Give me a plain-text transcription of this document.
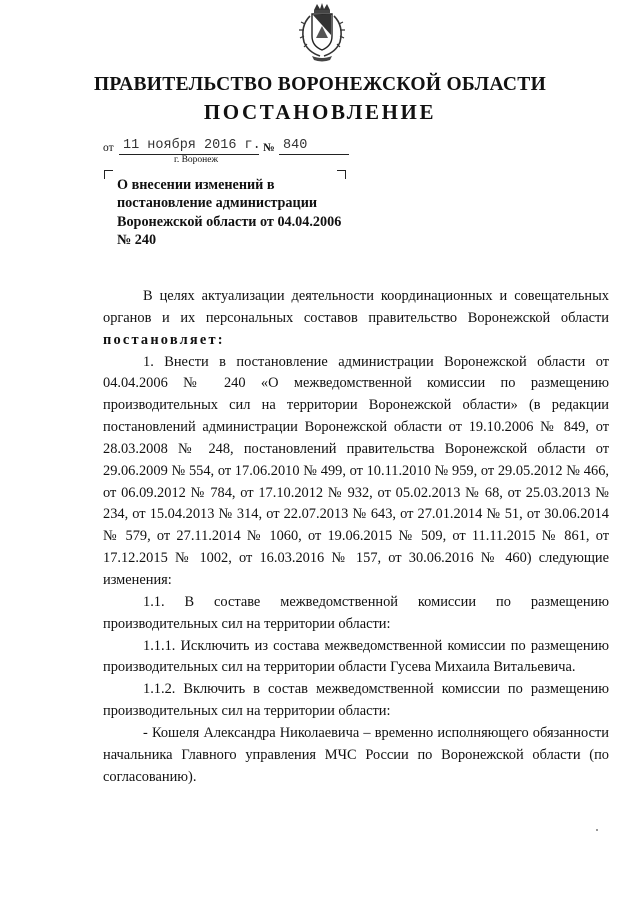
ПРАВИТЕЛЬСТВО ВОРОНЕЖСКОЙ ОБЛАСТИ
ПОСТАНОВЛЕНИЕ
от 11 ноября 2016 г. № 840
г. Воронеж
О внесении изменений в постановление администрации Воронежской области от 04.04.2006 № 240

В целях актуализации деятельности координационных и совещательных органов и их персональных составов правительство Воронежской области постановляет:

1. Внести в постановление администрации Воронежской области от 04.04.2006 № 240 «О межведомственной комиссии по размещению производительных сил на территории Воронежской области» (в редакции постановлений администрации Воронежской области от 19.10.2006 № 849, от 28.03.2008 № 248, постановлений правительства Воронежской области от 29.06.2009 № 554, от 17.06.2010 № 499, от 10.11.2010 № 959, от 29.05.2012 № 466, от 06.09.2012 № 784, от 17.10.2012 № 932, от 05.02.2013 № 68, от 25.03.2013 № 234, от 15.04.2013 № 314, от 22.07.2013 № 643, от 27.01.2014 № 51, от 30.06.2014 № 579, от 27.11.2014 № 1060, от 19.06.2015 № 509, от 11.11.2015 № 861, от 17.12.2015 № 1002, от 16.03.2016 № 157, от 30.06.2016 № 460) следующие изменения:

1.1. В составе межведомственной комиссии по размещению производительных сил на территории области:

1.1.1. Исключить из состава межведомственной комиссии по размещению производительных сил на территории области Гусева Михаила Витальевича.

1.1.2. Включить в состав межведомственной комиссии по размещению производительных сил на территории области:

- Кошеля Александра Николаевича – временно исполняющего обязанности начальника Главного управления МЧС России по Воронежской области (по согласованию).
